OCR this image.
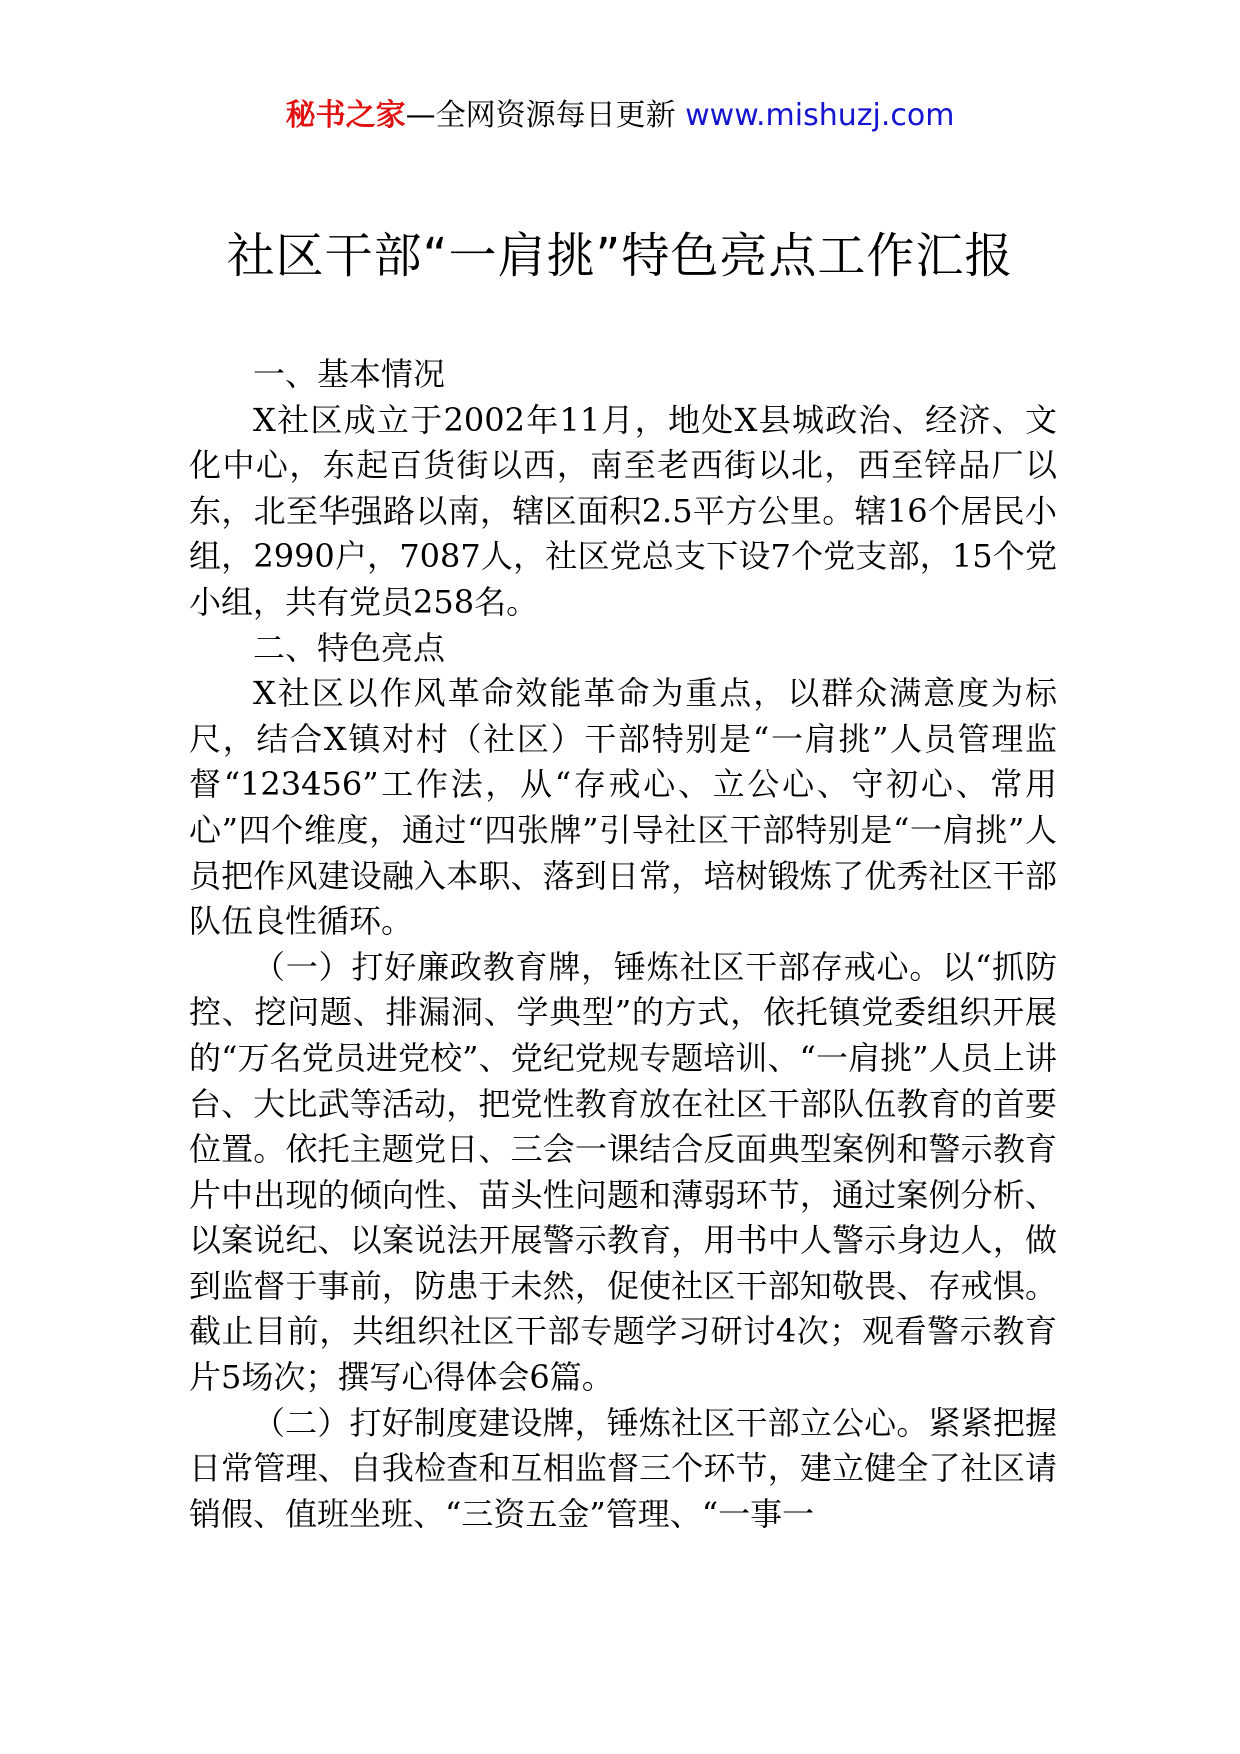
秘书之家—全网资源每日更新 www.mishuzj.com
社区干部“一肩挑”特色亮点工作汇报

一、基本情况

X社区成立于2002年11月，地处X县城政治、经济、文化中心，东起百货街以西，南至老西街以北，西至锌品厂以东，北至华强路以南，辖区面积2.5平方公里。辖16个居民小组，2990户，7087人，社区党总支下设7个党支部，15个党小组，共有党员258名。

二、特色亮点

X社区以作风革命效能革命为重点，以群众满意度为标尺，结合X镇对村（社区）干部特别是“一肩挑”人员管理监督“123456”工作法，从“存戒心、立公心、守初心、常用心”四个维度，通过“四张牌”引导社区干部特别是“一肩挑”人员把作风建设融入本职、落到日常，培树锻炼了优秀社区干部队伍良性循环。

（一）打好廉政教育牌，锤炼社区干部存戒心。以“抓防控、挖问题、排漏洞、学典型”的方式，依托镇党委组织开展的“万名党员进党校”、党纪党规专题培训、“一肩挑”人员上讲台、大比武等活动，把党性教育放在社区干部队伍教育的首要位置。依托主题党日、三会一课结合反面典型案例和警示教育片中出现的倾向性、苗头性问题和薄弱环节，通过案例分析、以案说纪、以案说法开展警示教育，用书中人警示身边人，做到监督于事前，防患于未然，促使社区干部知敬畏、存戒惧。截止目前，共组织社区干部专题学习研讨4次；观看警示教育片5场次；撰写心得体会6篇。

（二）打好制度建设牌，锤炼社区干部立公心。紧紧把握日常管理、自我检查和互相监督三个环节，建立健全了社区请销假、值班坐班、“三资五金”管理、“一事一
